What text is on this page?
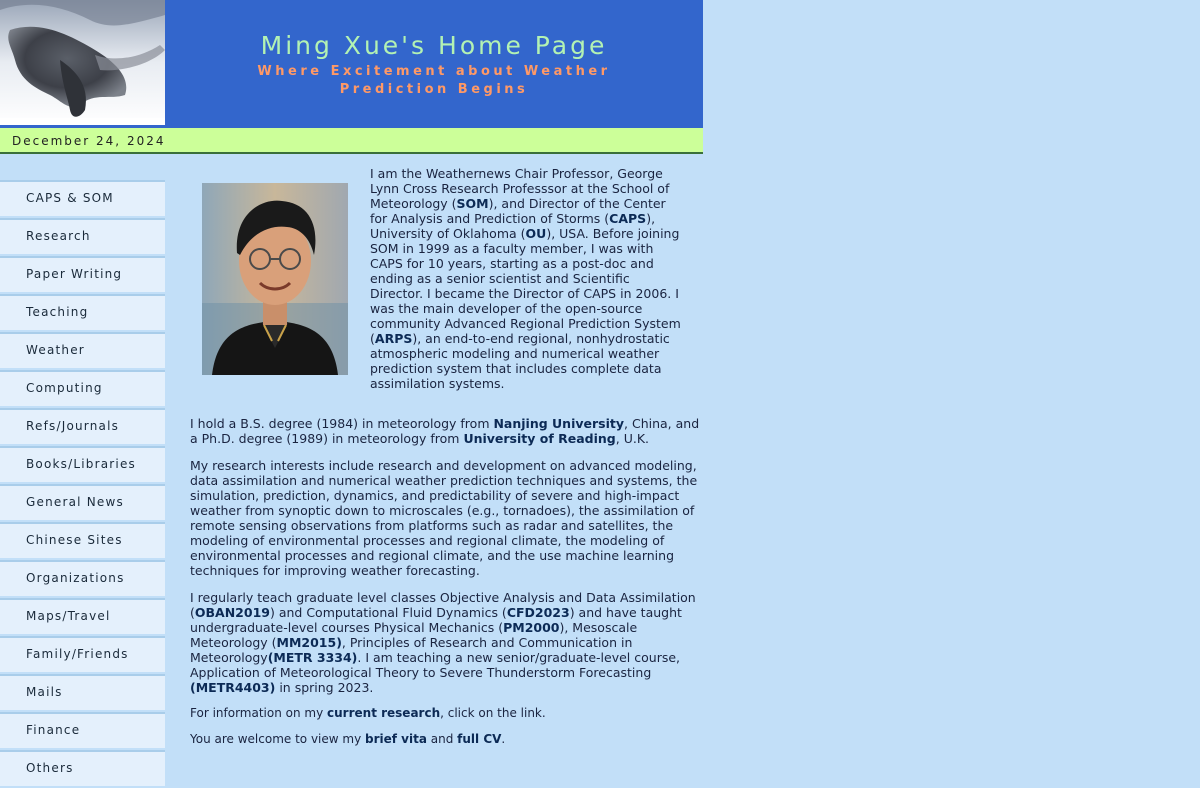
Ming Xue's Home Page
Where Excitement about Weather
Prediction Begins
December 24, 2024
CAPS & SOM
Research
Paper Writing
Teaching
Weather
Computing
Refs/Journals
Books/Libraries
General News
Chinese Sites
Organizations
Maps/Travel
Family/Friends
Mails
Finance
Others

I am the Weathernews Chair Professor, George Lynn Cross Research Professsor at the School of Meteorology (SOM), and Director of the Center for Analysis and Prediction of Storms (CAPS), University of Oklahoma (OU), USA. Before joining SOM in 1999 as a faculty member, I was with CAPS for 10 years, starting as a post-doc and ending as a senior scientist and Scientific Director. I became the Director of CAPS in 2006. I was the main developer of the open-source community Advanced Regional Prediction System (ARPS), an end-to-end regional, nonhydrostatic atmospheric modeling and numerical weather prediction system that includes complete data assimilation systems.

I hold a B.S. degree (1984) in meteorology from Nanjing University, China, and a Ph.D. degree (1989) in meteorology from University of Reading, U.K.

My research interests include research and development on advanced modeling, data assimilation and numerical weather prediction techniques and systems, the simulation, prediction, dynamics, and predictability of severe and high-impact weather from synoptic down to microscales (e.g., tornadoes), the assimilation of remote sensing observations from platforms such as radar and satellites, the modeling of environmental processes and regional climate, the modeling of environmental processes and regional climate, and the use machine learning techniques for improving weather forecasting.

I regularly teach graduate level classes Objective Analysis and Data Assimilation (OBAN2019) and Computational Fluid Dynamics (CFD2023) and have taught undergraduate-level courses Physical Mechanics (PM2000), Mesoscale Meteorology (MM2015), Principles of Research and Communication in Meteorology(METR 3334). I am teaching a new senior/graduate-level course, Application of Meteorological Theory to Severe Thunderstorm Forecasting (METR4403) in spring 2023.

For information on my current research, click on the link.

You are welcome to view my brief vita and full CV.
